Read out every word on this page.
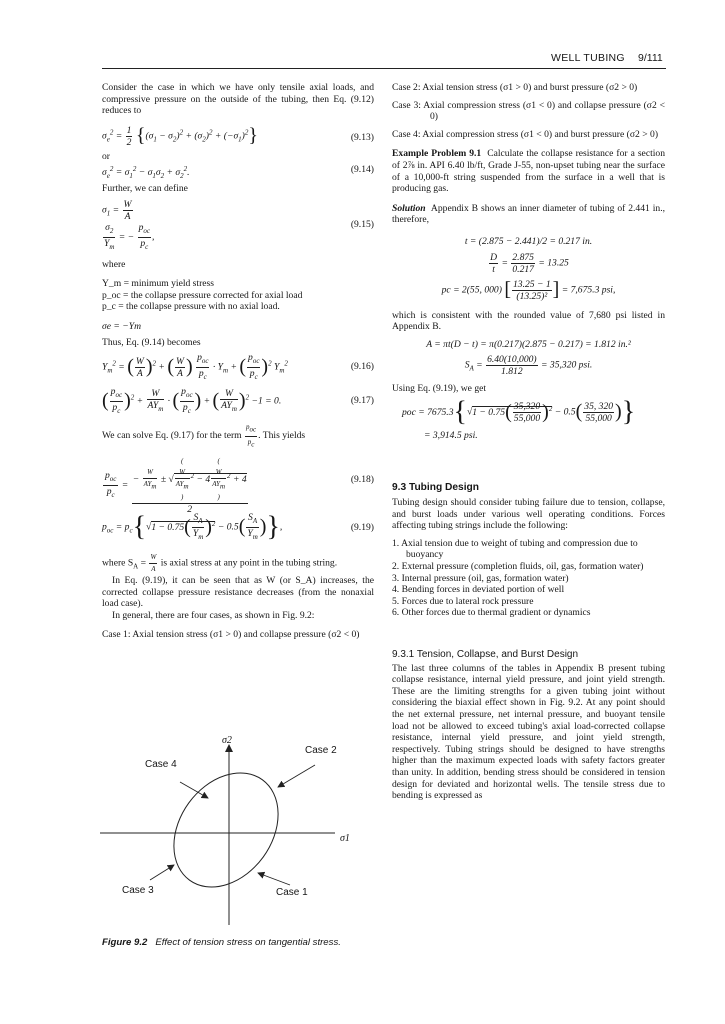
WELL TUBING 9/111

Consider the case in which we have only tensile axial loads, and compressive pressure on the outside of the tubing, then Eq. (9.12) reduces to

$\sigma_e^2 = \frac{1}{2} \{(\sigma_1 - \sigma_2)^2 + (\sigma_2)^2 + (-\sigma_1)^2\}$	(9.13)

or

$\sigma_e^2 = \sigma_1^2 - \sigma_1\sigma_2 + \sigma_2^2$.	(9.14)

Further, we can define

$\sigma_1 = \frac{W}{A}$
$\frac{\sigma_2}{Y_m}$ = − $\frac{p_{oc}}{p_c}$ ,
(9.15)

where

Y_m = minimum yield stress
p_oc = the collapse pressure corrected for axial load
p_c = the collapse pressure with no axial load.
σe = −Ym

Thus, Eq. (9.14) becomes

$Y_m^2$ = ( $\frac{W}{A} )^2$ + ( $\frac{W}{A}$ ) $\frac{p_{oc}}{p_c} \cdot Y_m$ + ( $\frac{p_{oc}}{p_c} )^2$ $Y_m^2$	(9.16)
( $\frac{p_{oc}}{p_c} )^2 + \frac{W}{AY_m}$ · ( $\frac{p_{oc}}{p_c}$ ) + ( $\frac{W}{AY_m} )^2 -1 = 0$.	(9.17)

We can solve Eq. (9.17) for the term $\frac{p_{oc}}{p_c}$ . This yields

$\frac{p_{oc}}{p_c}$ = − $\frac{W}{AY_m}$ ± √(
W
$AY_m$
)$^2$ − 4(
W
$AY_m$
)$^2$ + 4
2	(9.18)
$p_{oc} = p_c\{√1 - 0.75( \frac{S_A}{Y_m} )^2 - 0.5( \frac{S_A}{Y_m}$ )},	(9.19)

where $S_A = \frac{W}{A}$ is axial stress at any point in the tubing string.

In Eq. (9.19), it can be seen that as W (or S_A) increases, the corrected collapse pressure resistance decreases (from the nonaxial load case).

In general, there are four cases, as shown in Fig. 9.2:

Case 1: Axial tension stress (σ1 > 0) and collapse pressure (σ2 < 0)

σ2
σ1
Case 2
Case 4
Case 3	Case 1
Figure 9.2 Effect of tension stress on tangential stress.

Case 2: Axial tension stress (σ1 > 0) and burst pressure (σ2 > 0)

Case 3: Axial compression stress (σ1 < 0) and collapse pressure (σ2 < 0)

Case 4: Axial compression stress (σ1 < 0) and burst pressure (σ2 > 0)

Example Problem 9.1 Calculate the collapse resistance for a section of 2⅞ in. API 6.40 lb/ft, Grade J-55, non-upset tubing near the surface of a 10,000-ft string suspended from the surface in a well that is producing gas.

Solution Appendix B shows an inner diameter of tubing of 2.441 in., therefore,

t = (2.875 − 2.441)/2 = 0.217 in.
$\frac{D}{t} = \frac{2.875}{0.217} = 13.25$
pc = 2(55, 000) [ $\frac{13.25 - 1}{\text{(13.25)²}}$ ] = 7,675.3 psi,

which is consistent with the rounded value of 7,680 psi listed in Appendix B.

A = πt(D − t) = π(0.217)(2.875 − 0.217) = 1.812 in.²
$S_A = \frac{6.40(10,000)}{1.812} = 35,320$ psi.

Using Eq. (9.19), we get

poc = $7675.3\{√1 - 0.75( \frac{35,320}{55,000} )^2 - 0.5( \frac{35, 320}{55,000}$ )}
= 3,914.5 psi.
9.3 Tubing Design

Tubing design should consider tubing failure due to tension, collapse, and burst loads under various well operating conditions. Forces affecting tubing strings include the following:

1. Axial tension due to weight of tubing and compression due to buoyancy
2. External pressure (completion fluids, oil, gas, formation water)
3. Internal pressure (oil, gas, formation water)
4. Bending forces in deviated portion of well
5. Forces due to lateral rock pressure
6. Other forces due to thermal gradient or dynamics
9.3.1 Tension, Collapse, and Burst Design

The last three columns of the tables in Appendix B present tubing collapse resistance, internal yield pressure, and joint yield strength. These are the limiting strengths for a given tubing joint without considering the biaxial effect shown in Fig. 9.2. At any point should the net external pressure, net internal pressure, and buoyant tensile load not be allowed to exceed tubing's axial load-corrected collapse resistance, internal yield pressure, and joint yield strength, respectively. Tubing strings should be designed to have strengths higher than the maximum expected loads with safety factors greater than unity. In addition, bending stress should be considered in tension design for deviated and horizontal wells. The tensile stress due to bending is expressed as
